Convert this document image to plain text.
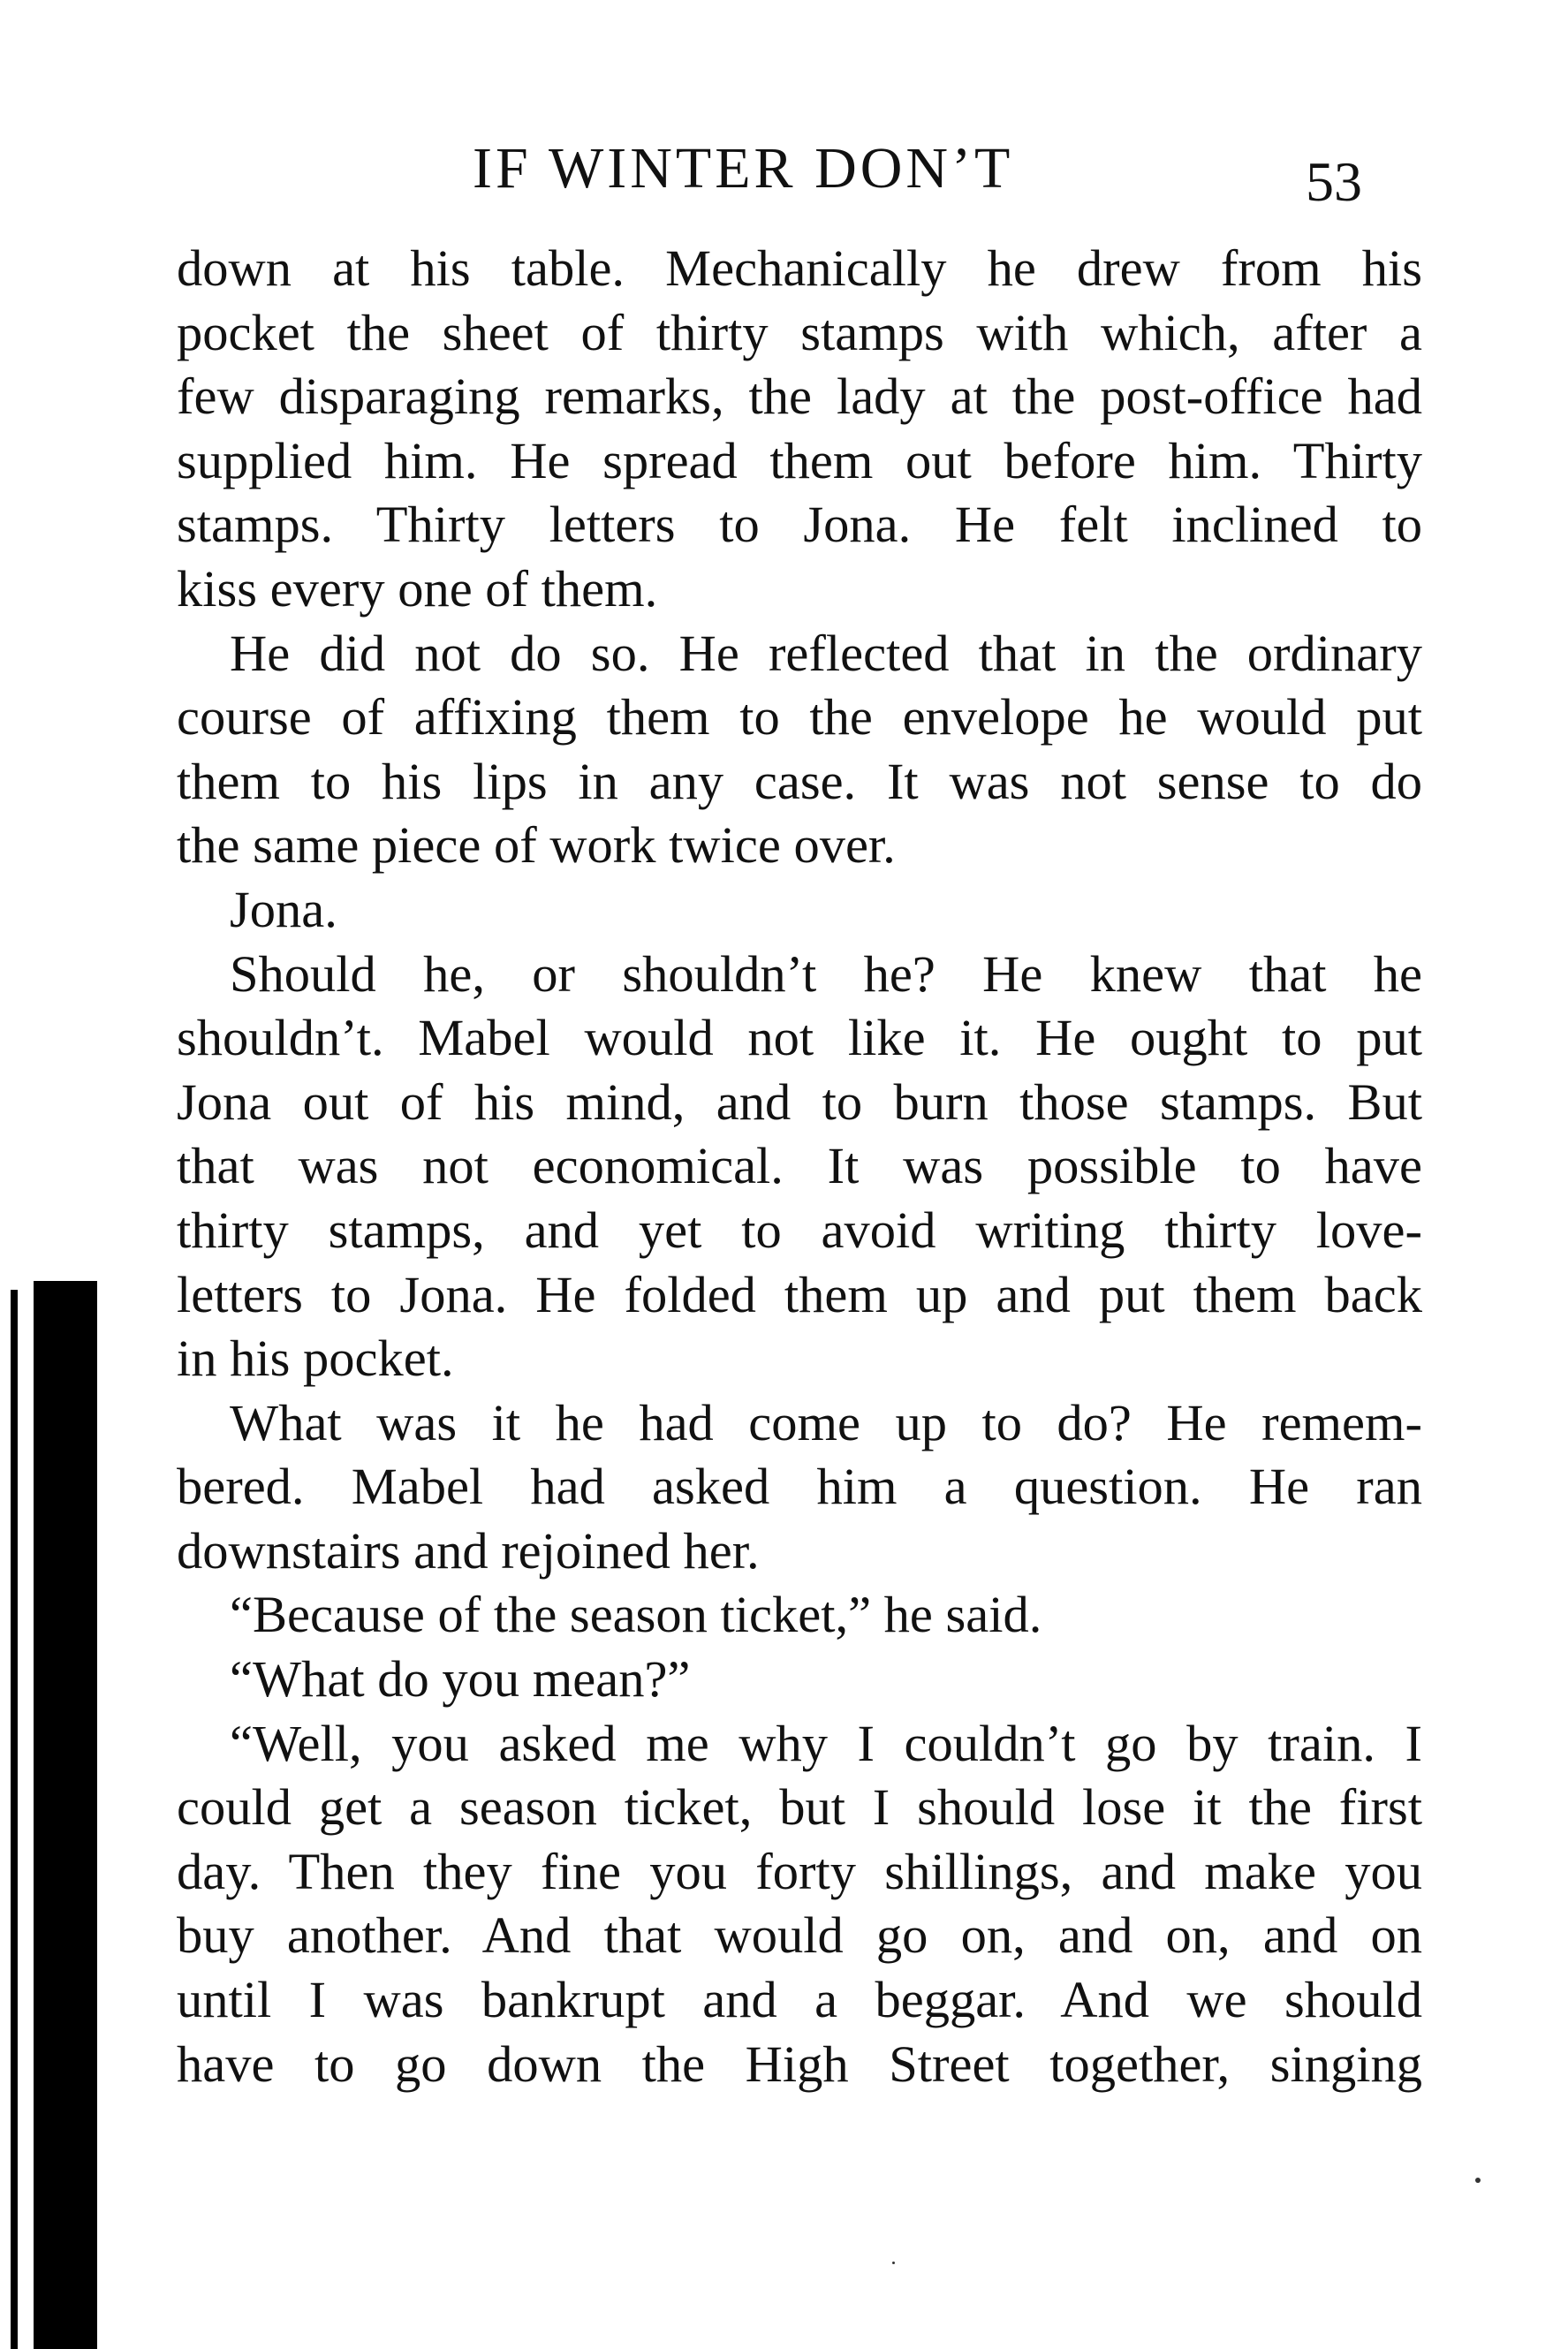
IF WINTER DON’T	53
down at his table. Mechanically he drew from his
pocket the sheet of thirty stamps with which, after a
few disparaging remarks, the lady at the post-office had
supplied him. He spread them out before him. Thirty
stamps. Thirty letters to Jona. He felt inclined to
kiss every one of them.
He did not do so. He reflected that in the ordinary
course of affixing them to the envelope he would put
them to his lips in any case. It was not sense to do
the same piece of work twice over.
Jona.
Should he, or shouldn’t he? He knew that he
shouldn’t. Mabel would not like it. He ought to put
Jona out of his mind, and to burn those stamps. But
that was not economical. It was possible to have
thirty stamps, and yet to avoid writing thirty love-
letters to Jona. He folded them up and put them back
in his pocket.
What was it he had come up to do? He remem-
bered. Mabel had asked him a question. He ran
downstairs and rejoined her.
“Because of the season ticket,” he said.
“What do you mean?”
“Well, you asked me why I couldn’t go by train. I
could get a season ticket, but I should lose it the first
day. Then they fine you forty shillings, and make you
buy another. And that would go on, and on, and on
until I was bankrupt and a beggar. And we should
have to go down the High Street together, singing
